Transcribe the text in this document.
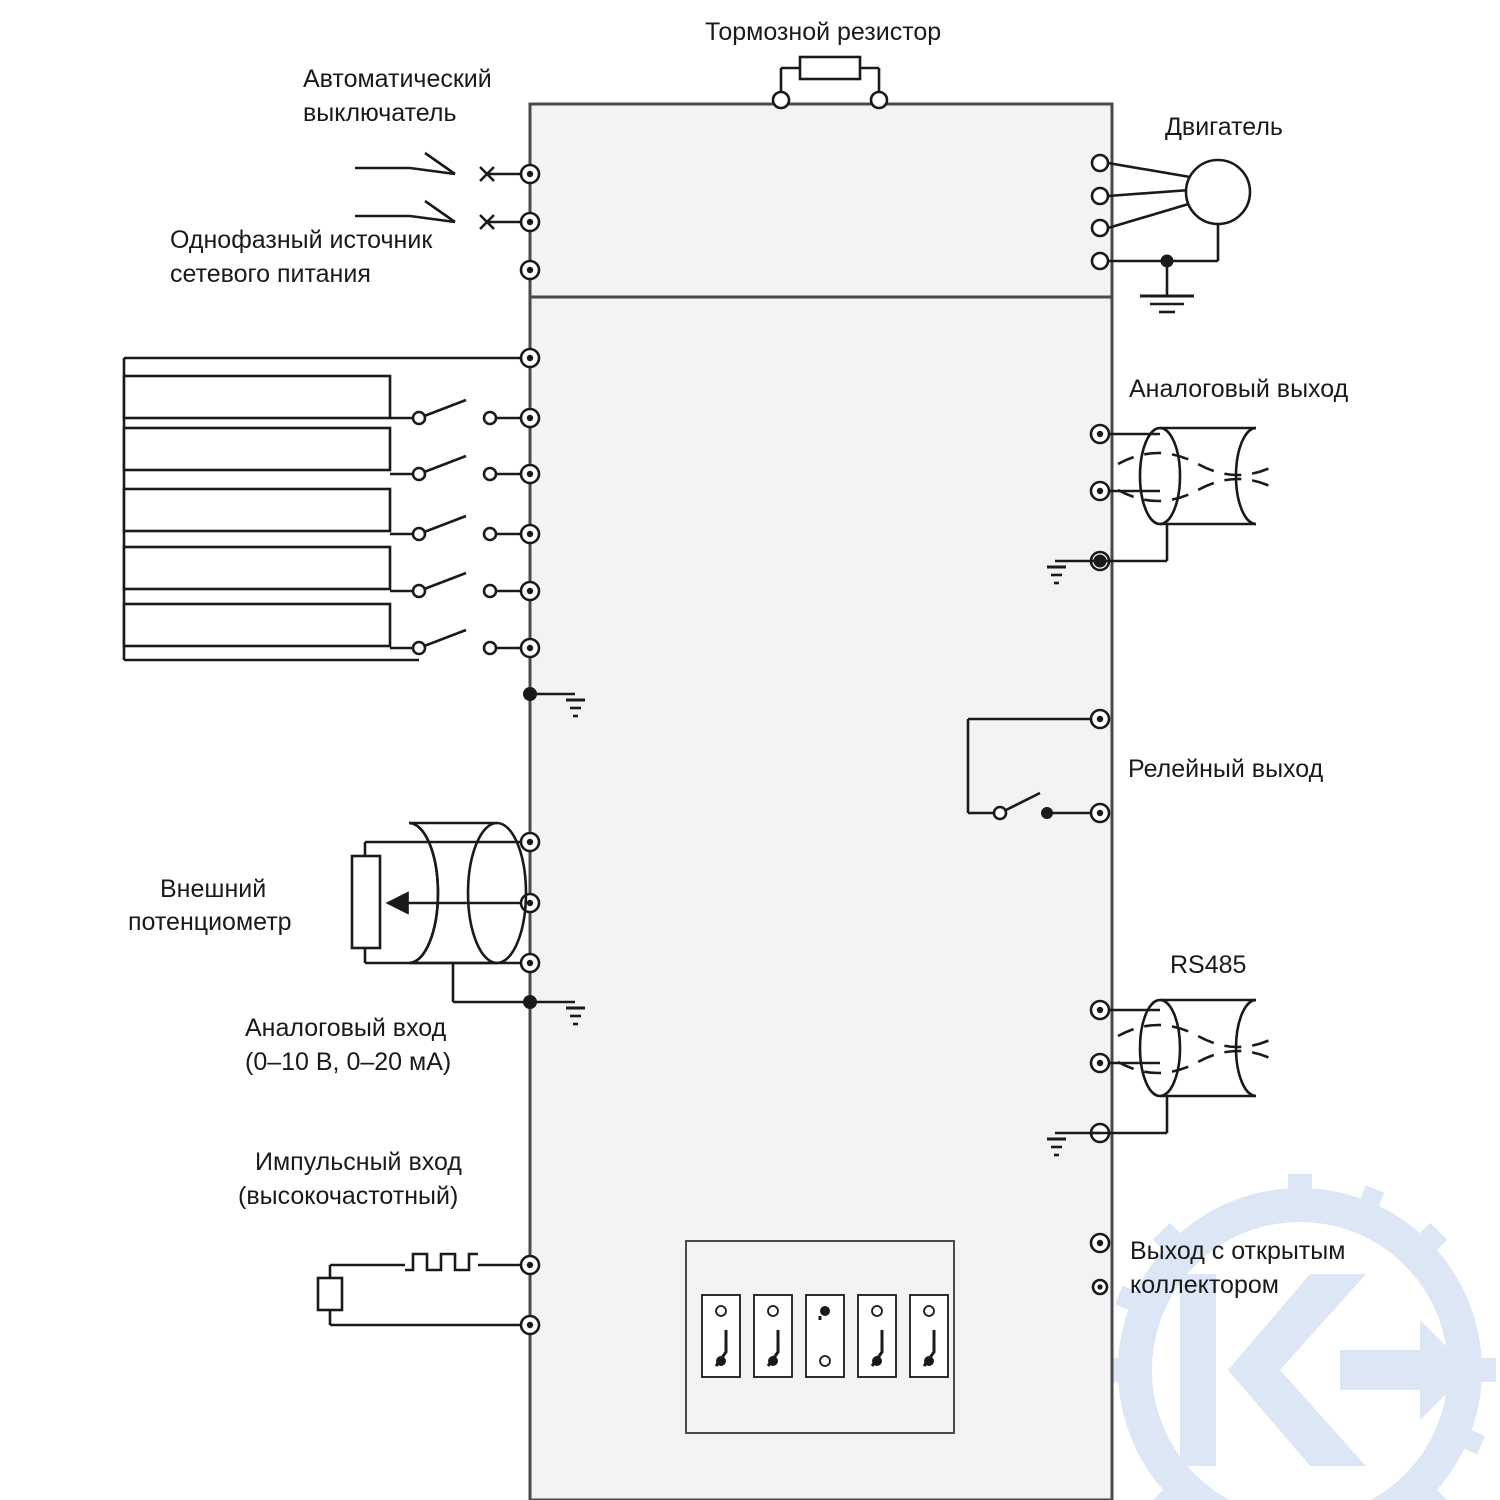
Тормозной резистор
Автоматический
выключатель
Однофазный источник
сетевого питания
Двигатель
Аналоговый выход
Релейный выход
Внешний
потенциометр
Аналоговый вход
(0–10 В, 0–20 мА)
RS485
Импульсный вход
(высокочастотный)
Выход с открытым
коллектором
